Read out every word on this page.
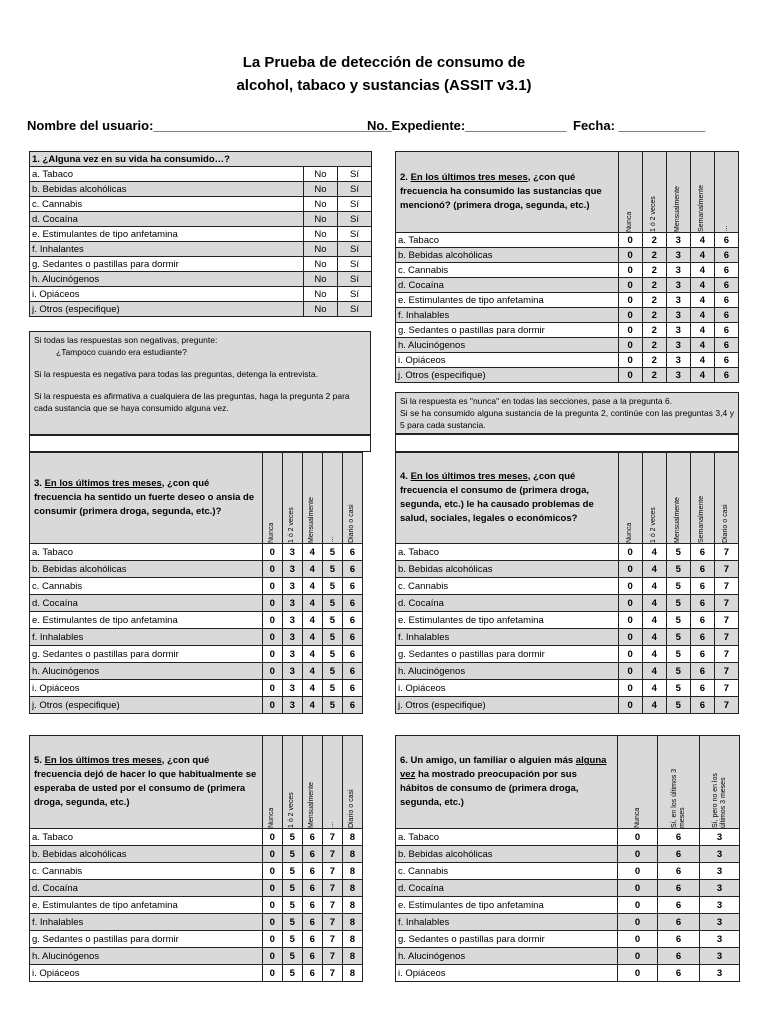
La Prueba de detección de consumo de
alcohol, tabaco y sustancias (ASSIT v3.1)
Nombre del usuario:_________________________________
No. Expediente:______________ Fecha: ____________
1. ¿Alguna vez en su vida ha consumido…?		
a. Tabaco	No	Sí
b. Bebidas alcohólicas	No	Sí
c. Cannabis	No	Sí
d. Cocaína	No	Sí
e. Estimulantes de tipo anfetamina	No	Sí
f. Inhalantes	No	Sí
g. Sedantes o pastillas para dormir	No	Sí
h. Alucinógenos	No	Sí
i. Opiáceos	No	Sí
j. Otros (especifique)	No	Sí
2. En los últimos tres meses, ¿con qué frecuencia ha consumido las sustancias que mencionó? (primera droga, segunda, etc.)	Nunca	1 ó 2 veces	Mensualmente	Semanalmente	…

a. Tabaco	0	2	3	4	6
b. Bebidas alcohólicas	0	2	3	4	6
c. Cannabis	0	2	3	4	6
d. Cocaína	0	2	3	4	6
e. Estimulantes de tipo anfetamina	0	2	3	4	6
f. Inhalables	0	2	3	4	6
g. Sedantes o pastillas para dormir	0	2	3	4	6
h. Alucinógenos	0	2	3	4	6
i. Opiáceos	0	2	3	4	6
j. Otros (especifique)	0	2	3	4	6
Si todas las respuestas son negativas, pregunte:
¿Tampoco cuando era estudiante?
Si la respuesta es negativa para todas las preguntas, detenga la entrevista.
Si la respuesta es afirmativa a cualquiera de las preguntas, haga la pregunta 2 para cada sustancia que se haya consumido alguna vez.
Si la respuesta es "nunca" en todas las secciones, pase a la pregunta 6.
Si se ha consumido alguna sustancia de la pregunta 2, continúe con las preguntas 3,4 y 5 para cada sustancia.
3. En los últimos tres meses, ¿con qué frecuencia ha sentido un fuerte deseo o ansia de consumir (primera droga, segunda, etc.)?	Nunca	1 ó 2 veces	Mensualmente	…	Diario o casi

a. Tabaco	0	3	4	5	6
b. Bebidas alcohólicas	0	3	4	5	6
c. Cannabis	0	3	4	5	6
d. Cocaína	0	3	4	5	6
e. Estimulantes de tipo anfetamina	0	3	4	5	6
f. Inhalables	0	3	4	5	6
g. Sedantes o pastillas para dormir	0	3	4	5	6
h. Alucinógenos	0	3	4	5	6
i. Opiáceos	0	3	4	5	6
j. Otros (especifique)	0	3	4	5	6
4. En los últimos tres meses, ¿con qué frecuencia el consumo de (primera droga, segunda, etc.) le ha causado problemas de salud, sociales, legales o económicos?	Nunca	1 ó 2 veces	Mensualmente	Semanalmente	Diario o casi

a. Tabaco	0	4	5	6	7
b. Bebidas alcohólicas	0	4	5	6	7
c. Cannabis	0	4	5	6	7
d. Cocaína	0	4	5	6	7
e. Estimulantes de tipo anfetamina	0	4	5	6	7
f. Inhalables	0	4	5	6	7
g. Sedantes o pastillas para dormir	0	4	5	6	7
h. Alucinógenos	0	4	5	6	7
i. Opiáceos	0	4	5	6	7
j. Otros (especifique)	0	4	5	6	7
5. En los últimos tres meses, ¿con qué frecuencia dejó de hacer lo que habitualmente se esperaba de usted por el consumo de (primera droga, segunda, etc.)	Nunca	1 ó 2 veces	Mensualmente	…	Diario o casi

a. Tabaco	0	5	6	7	8
b. Bebidas alcohólicas	0	5	6	7	8
c. Cannabis	0	5	6	7	8
d. Cocaína	0	5	6	7	8
e. Estimulantes de tipo anfetamina	0	5	6	7	8
f. Inhalables	0	5	6	7	8
g. Sedantes o pastillas para dormir	0	5	6	7	8
h. Alucinógenos	0	5	6	7	8
i. Opiáceos	0	5	6	7	8
6. Un amigo, un familiar o alguien más alguna vez ha mostrado preocupación por sus hábitos de consumo de (primera droga, segunda, etc.)	Nunca	Sí, en los últimos 3 meses	Sí, pero no en los últimos 3 meses

a. Tabaco	0	6	3
b. Bebidas alcohólicas	0	6	3
c. Cannabis	0	6	3
d. Cocaína	0	6	3
e. Estimulantes de tipo anfetamina	0	6	3
f. Inhalables	0	6	3
g. Sedantes o pastillas para dormir	0	6	3
h. Alucinógenos	0	6	3
i. Opiáceos	0	6	3
